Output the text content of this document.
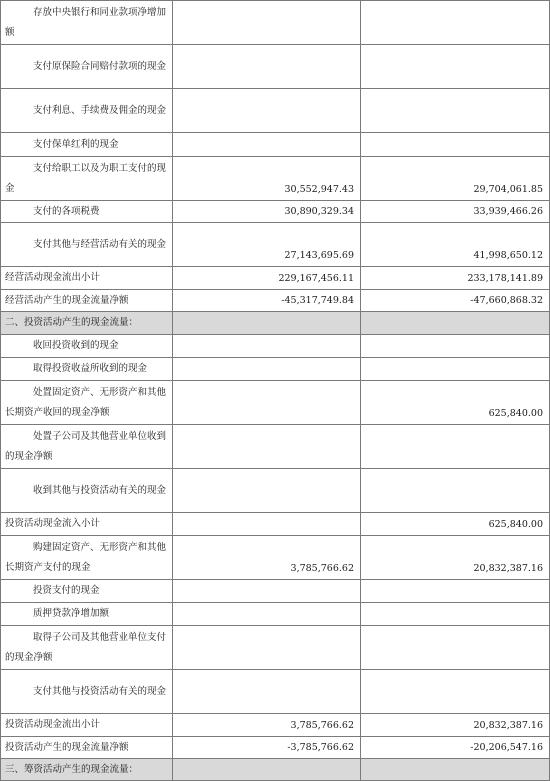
存放中央银行和同业款项净增加额		
支付原保险合同赔付款项的现金		
支付利息、手续费及佣金的现金		
支付保单红利的现金		
支付给职工以及为职工支付的现金	30,552,947.43	29,704,061.85
支付的各项税费	30,890,329.34	33,939,466.26
支付其他与经营活动有关的现金	27,143,695.69	41,998,650.12
经营活动现金流出小计	229,167,456.11	233,178,141.89
经营活动产生的现金流量净额	-45,317,749.84	-47,660,868.32
二、投资活动产生的现金流量：		
收回投资收到的现金		
取得投资收益所收到的现金		
处置固定资产、无形资产和其他长期资产收回的现金净额		625,840.00
处置子公司及其他营业单位收到的现金净额		
收到其他与投资活动有关的现金		
投资活动现金流入小计		625,840.00
购建固定资产、无形资产和其他长期资产支付的现金	3,785,766.62	20,832,387.16
投资支付的现金		
质押贷款净增加额		
取得子公司及其他营业单位支付的现金净额		
支付其他与投资活动有关的现金		
投资活动现金流出小计	3,785,766.62	20,832,387.16
投资活动产生的现金流量净额	-3,785,766.62	-20,206,547.16
三、筹资活动产生的现金流量：		
